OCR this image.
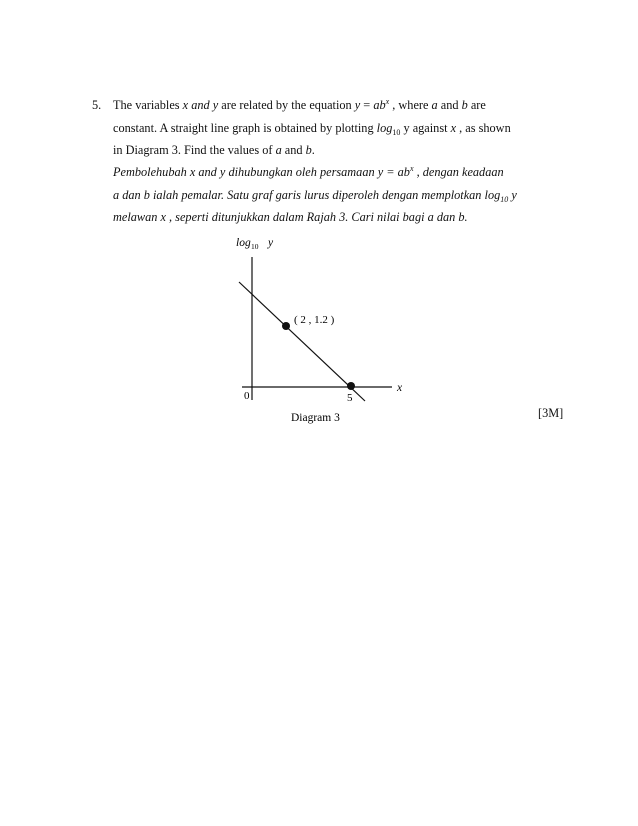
5. The variables x and y are related by the equation $y = ab^x$ , where a and b are
constant. A straight line graph is obtained by plotting $\log_{10} y$ against x , as shown
in Diagram 3. Find the values of a and b.
Pembolehubah x and y dihubungkan oleh persamaan $y = ab^x$ , dengan keadaan
a dan b ialah pemalar. Satu graf garis lurus diperoleh dengan memplotkan $\log_{10} y$
melawan x , seperti ditunjukkan dalam Rajah 3. Cari nilai bagi a dan b.
log 10 y
( 2 , 1.2 )
x
0	5
Diagram 3	[3M]
